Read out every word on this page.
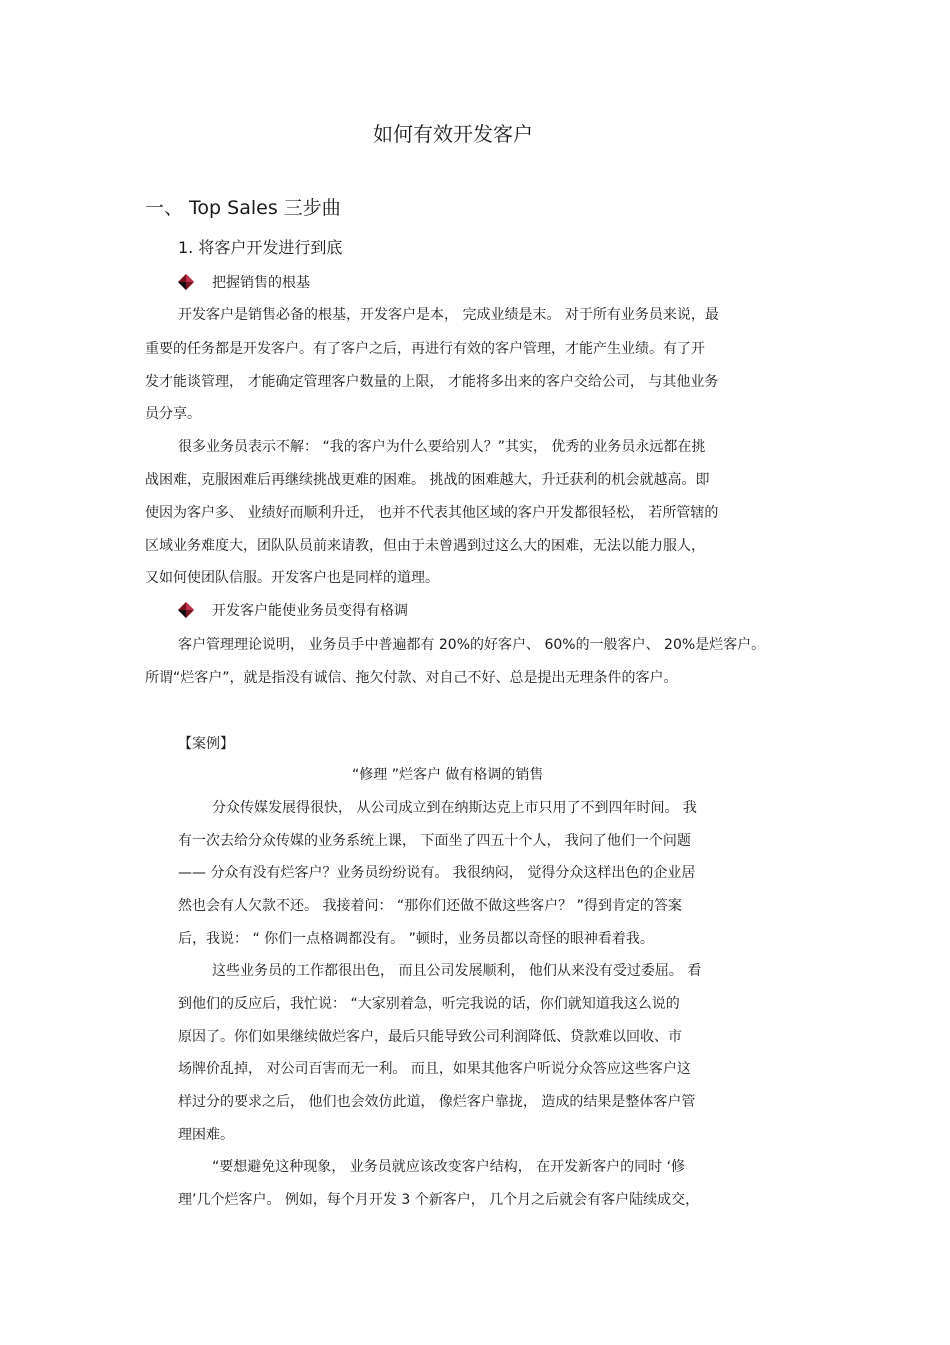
如何有效开发客户
一、 Top Sales 三步曲
1. 将客户开发进行到底
把握销售的根基
开发客户是销售必备的根基，开发客户是本， 完成业绩是末。 对于所有业务员来说，最
重要的任务都是开发客户。有了客户之后，再进行有效的客户管理，才能产生业绩。有了开
发才能谈管理， 才能确定管理客户数量的上限， 才能将多出来的客户交给公司， 与其他业务
员分享。
很多业务员表示不解： “我的客户为什么要给别人？”其实， 优秀的业务员永远都在挑
战困难，克服困难后再继续挑战更难的困难。 挑战的困难越大，升迁获利的机会就越高。即
使因为客户多、 业绩好而顺利升迁， 也并不代表其他区域的客户开发都很轻松， 若所管辖的
区域业务难度大，团队队员前来请教，但由于未曾遇到过这么大的困难，无法以能力服人，
又如何使团队信服。开发客户也是同样的道理。
开发客户能使业务员变得有格调
客户管理理论说明， 业务员手中普遍都有 20%的好客户、 60%的一般客户、 20%是烂客户。
所谓“烂客户”，就是指没有诚信、拖欠付款、对自己不好、总是提出无理条件的客户。
【案例】
“修理 ”烂客户 做有格调的销售
分众传媒发展得很快， 从公司成立到在纳斯达克上市只用了不到四年时间。 我
有一次去给分众传媒的业务系统上课， 下面坐了四五十个人， 我问了他们一个问题
—— 分众有没有烂客户？业务员纷纷说有。 我很纳闷， 觉得分众这样出色的企业居
然也会有人欠款不还。 我接着问： “那你们还做不做这些客户？ ”得到肯定的答案
后，我说： “ 你们一点格调都没有。 ”顿时，业务员都以奇怪的眼神看着我。
这些业务员的工作都很出色， 而且公司发展顺利， 他们从来没有受过委屈。 看
到他们的反应后，我忙说： “大家别着急，听完我说的话，你们就知道我这么说的
原因了。你们如果继续做烂客户，最后只能导致公司利润降低、贷款难以回收、市
场牌价乱掉， 对公司百害而无一利。 而且，如果其他客户听说分众答应这些客户这
样过分的要求之后， 他们也会效仿此道， 像烂客户靠拢， 造成的结果是整体客户管
理困难。
“要想避免这种现象， 业务员就应该改变客户结构， 在开发新客户的同时 ‘修
理’几个烂客户。 例如，每个月开发 3 个新客户， 几个月之后就会有客户陆续成交，
